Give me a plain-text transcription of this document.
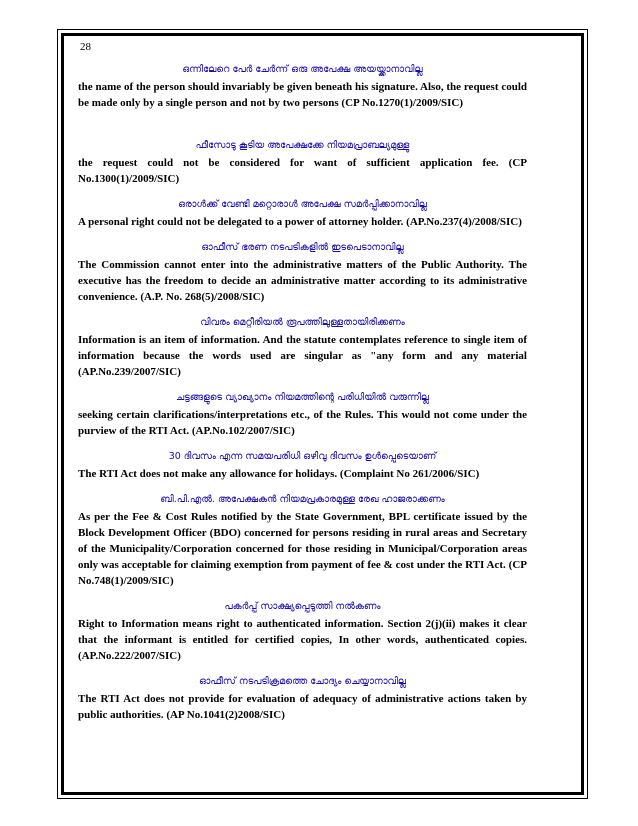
28

ഒന്നിലേറെ പേർ ചേർന്ന് ഒരു അപേക്ഷ അയയ്ക്കാനാവില്ല

the name of the person should invariably be given beneath his signature. Also, the request could be made only by a single person and not by two persons (CP No.1270(1)/2009/SIC)

ഫീസോടു കൂടിയ അപേക്ഷക്കേ നിയമപ്രാബല്യമുള്ളു

the request could not be considered for want of sufficient application fee. (CP No.1300(1)/2009/SIC)

ഒരാൾക്ക് വേണ്ടി മറ്റൊരാൾ അപേക്ഷ സമർപ്പിക്കാനാവില്ല

A personal right could not be delegated to a power of attorney holder. (AP.No.237(4)/2008/SIC)

ഓഫീസ് ഭരണ നടപടികളിൽ ഇടപെടാനാവില്ല

The Commission cannot enter into the administrative matters of the Public Authority. The executive has the freedom to decide an administrative matter according to its administrative convenience. (A.P. No. 268(5)/2008/SIC)

വിവരം മെറ്റീരിയൽ രൂപത്തിലുള്ളതായിരിക്കണം

Information is an item of information. And the statute contemplates reference to single item of information because the words used are singular as "any form and any material (AP.No.239/2007/SIC)

ചട്ടങ്ങളുടെ വ്യാഖ്യാനം നിയമത്തിന്റെ പരിധിയിൽ വരുന്നില്ല

seeking certain clarifications/interpretations etc., of the Rules. This would not come under the purview of the RTI Act. (AP.No.102/2007/SIC)

30 ദിവസം എന്ന സമയപരിധി ഒഴിവു ദിവസം ഉൾപ്പെടെയാണ്

The RTI Act does not make any allowance for holidays. (Complaint No 261/2006/SIC)

ബി.പി.എൽ. അപേക്ഷകൻ നിയമപ്രകാരമുള്ള രേഖ ഹാജരാക്കണം

As per the Fee & Cost Rules notified by the State Government, BPL certificate issued by the Block Development Officer (BDO) concerned for persons residing in rural areas and Secretary of the Municipality/Corporation concerned for those residing in Municipal/Corporation areas only was acceptable for claiming exemption from payment of fee & cost under the RTI Act. (CP No.748(1)/2009/SIC)

പകർപ്പ് സാക്ഷ്യപ്പെടുത്തി നൽകണം

Right to Information means right to authenticated information. Section 2(j)(ii) makes it clear that the informant is entitled for certified copies, In other words, authenticated copies. (AP.No.222/2007/SIC)

ഓഫീസ് നടപടിക്രമത്തെ ചോദ്യം ചെയ്യാനാവില്ല

The RTI Act does not provide for evaluation of adequacy of administrative actions taken by public authorities. (AP No.1041(2)2008/SIC)
